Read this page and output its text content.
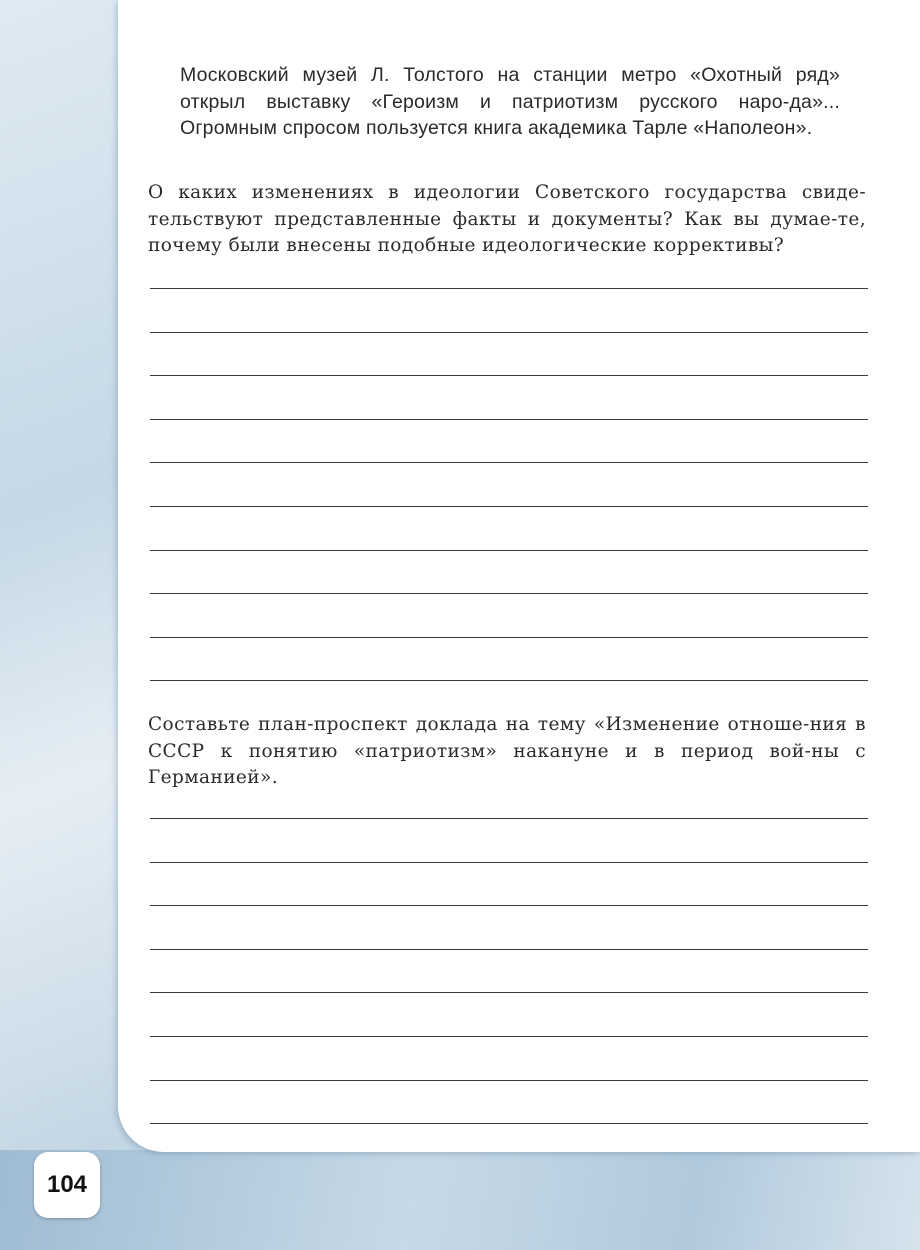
Московский музей Л. Толстого на станции метро «Охотный ряд» открыл выставку «Героизм и патриотизм русского наро-да»... Огромным спросом пользуется книга академика Тарле «Наполеон».

О каких изменениях в идеологии Советского государства свиде-тельствуют представленные факты и документы? Как вы думае-те, почему были внесены подобные идеологические коррективы?

Составьте план-проспект доклада на тему «Изменение отноше-ния в СССР к понятию «патриотизм» накануне и в период вой-ны с Германией».

104
